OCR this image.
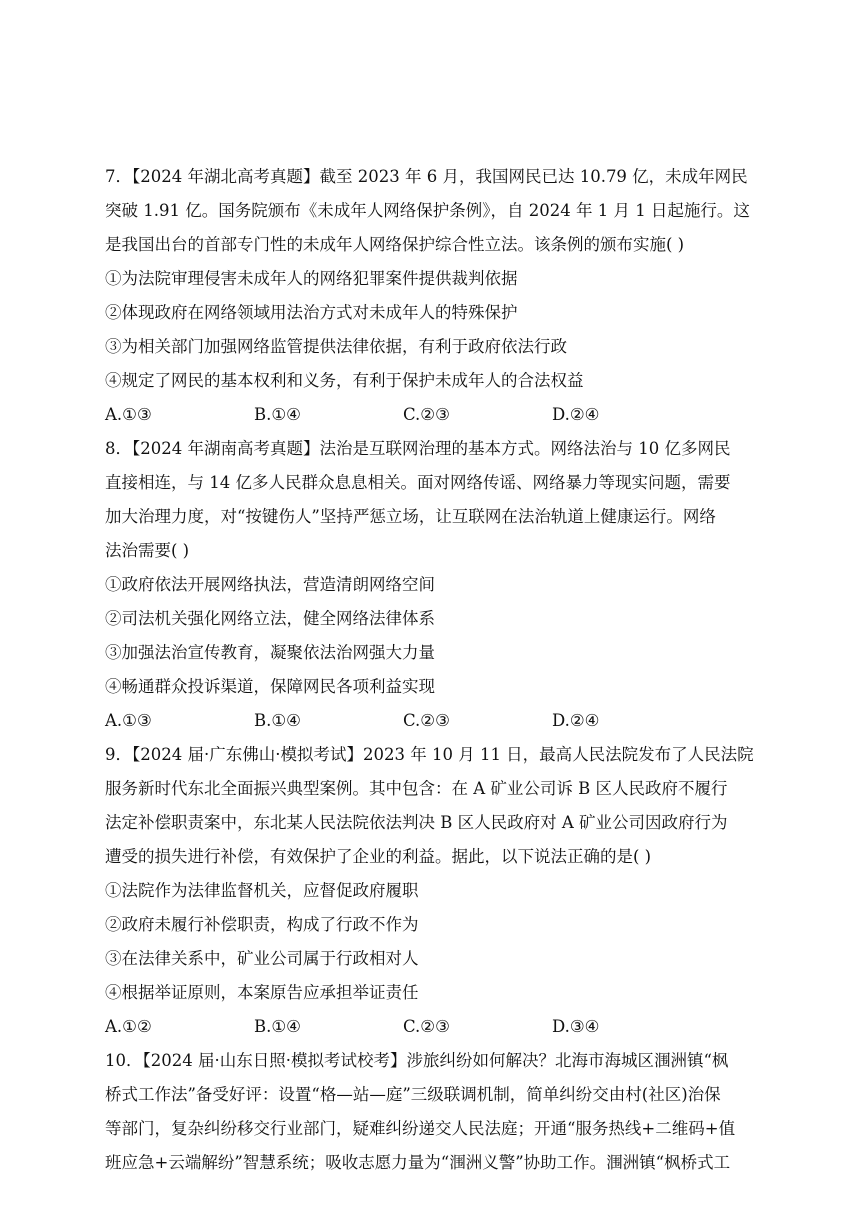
7．【2024 年湖北高考真题】截至 2023 年 6 月，我国网民已达 10.79 亿，未成年网民
突破 1.91 亿。国务院颁布《未成年人网络保护条例》，自 2024 年 1 月 1 日起施行。这
是我国出台的首部专门性的未成年人网络保护综合性立法。该条例的颁布实施( )
①为法院审理侵害未成年人的网络犯罪案件提供裁判依据
②体现政府在网络领域用法治方式对未成年人的特殊保护
③为相关部门加强网络监管提供法律依据，有利于政府依法行政
④规定了网民的基本权利和义务，有利于保护未成年人的合法权益
A.①③	B.①④	C.②③	D.②④
8．【2024 年湖南高考真题】法治是互联网治理的基本方式。网络法治与 10 亿多网民
直接相连，与 14 亿多人民群众息息相关。面对网络传谣、网络暴力等现实问题，需要
加大治理力度，对“按键伤人”坚持严惩立场，让互联网在法治轨道上健康运行。网络
法治需要( )
①政府依法开展网络执法，营造清朗网络空间
②司法机关强化网络立法，健全网络法律体系
③加强法治宣传教育，凝聚依法治网强大力量
④畅通群众投诉渠道，保障网民各项利益实现
A.①③	B.①④	C.②③	D.②④
9．【2024 届·广东佛山·模拟考试】2023 年 10 月 11 日，最高人民法院发布了人民法院
服务新时代东北全面振兴典型案例。其中包含：在 A 矿业公司诉 B 区人民政府不履行
法定补偿职责案中，东北某人民法院依法判决 B 区人民政府对 A 矿业公司因政府行为
遭受的损失进行补偿，有效保护了企业的利益。据此，以下说法正确的是( )
①法院作为法律监督机关，应督促政府履职
②政府未履行补偿职责，构成了行政不作为
③在法律关系中，矿业公司属于行政相对人
④根据举证原则，本案原告应承担举证责任
A.①②	B.①④	C.②③	D.③④
10．【2024 届·山东日照·模拟考试校考】涉旅纠纷如何解决？北海市海城区涠洲镇“枫
桥式工作法”备受好评：设置“格—站—庭”三级联调机制，简单纠纷交由村(社区)治保
等部门，复杂纠纷移交行业部门，疑难纠纷递交人民法庭；开通“服务热线+二维码+值
班应急+云端解纷”智慧系统；吸收志愿力量为“涠洲义警”协助工作。涠洲镇“枫桥式工
